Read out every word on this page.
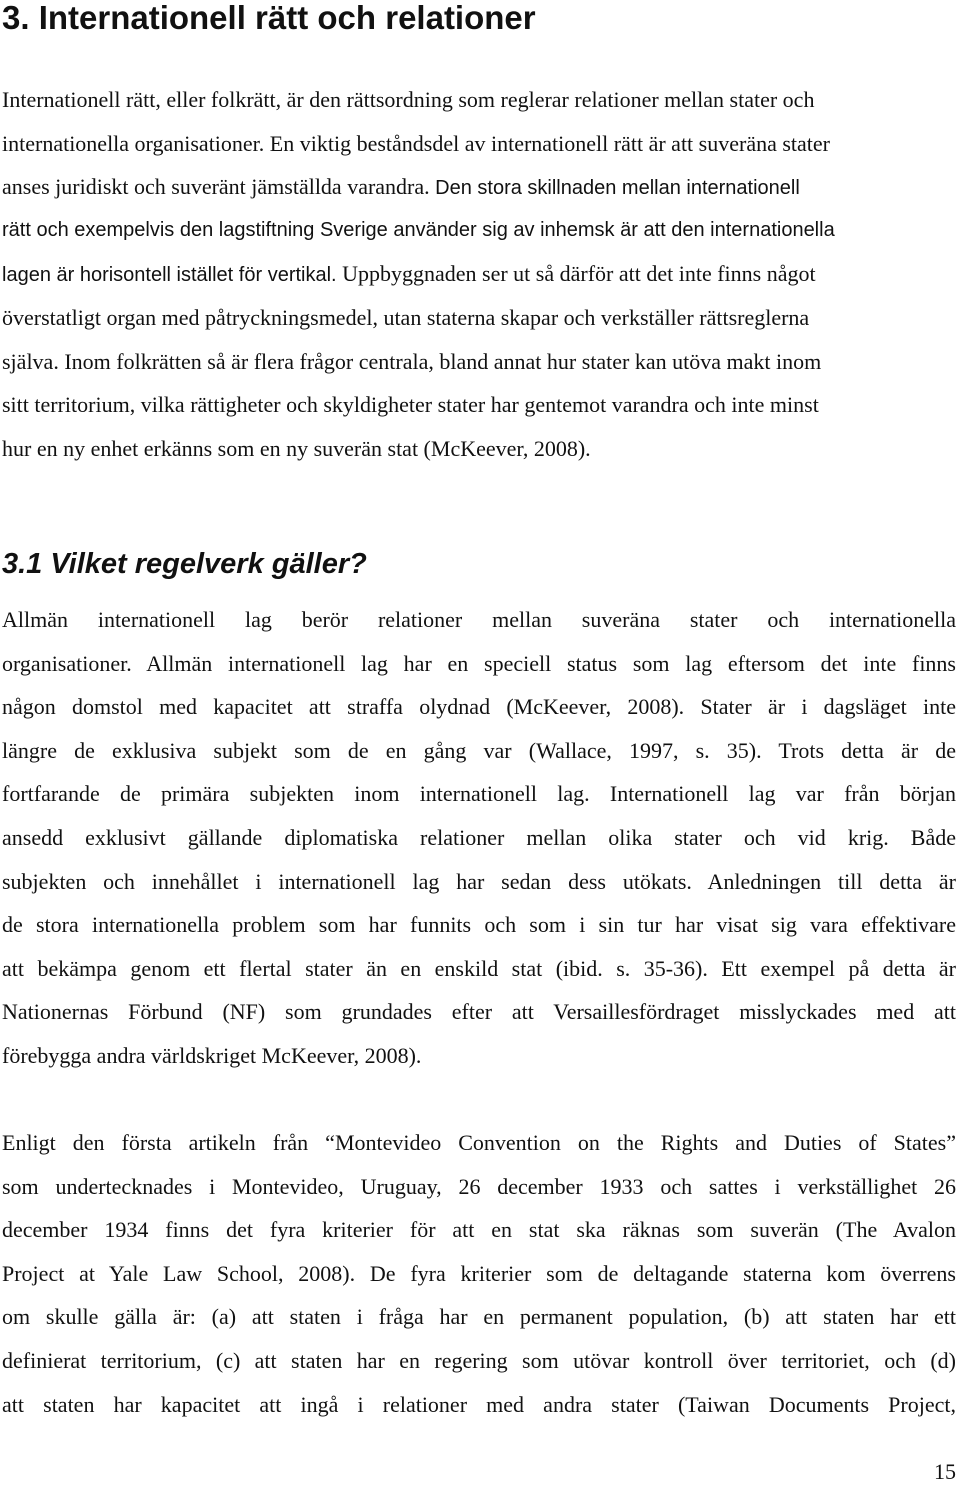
3. Internationell rätt och relationer
Internationell rätt, eller folkrätt, är den rättsordning som reglerar relationer mellan stater och
internationella organisationer. En viktig beståndsdel av internationell rätt är att suveräna stater
anses juridiskt och suveränt jämställda varandra. Den stora skillnaden mellan internationell
rätt och exempelvis den lagstiftning Sverige använder sig av inhemsk är att den internationella
lagen är horisontell istället för vertikal. Uppbyggnaden ser ut så därför att det inte finns något
överstatligt organ med påtryckningsmedel, utan staterna skapar och verkställer rättsreglerna
själva. Inom folkrätten så är flera frågor centrala, bland annat hur stater kan utöva makt inom
sitt territorium, vilka rättigheter och skyldigheter stater har gentemot varandra och inte minst
hur en ny enhet erkänns som en ny suverän stat (McKeever, 2008).
3.1 Vilket regelverk gäller?
Allmän internationell lag berör relationer mellan suveräna stater och internationella
organisationer. Allmän internationell lag har en speciell status som lag eftersom det inte finns
någon domstol med kapacitet att straffa olydnad (McKeever, 2008). Stater är i dagsläget inte
längre de exklusiva subjekt som de en gång var (Wallace, 1997, s. 35). Trots detta är de
fortfarande de primära subjekten inom internationell lag. Internationell lag var från början
ansedd exklusivt gällande diplomatiska relationer mellan olika stater och vid krig. Både
subjekten och innehållet i internationell lag har sedan dess utökats. Anledningen till detta är
de stora internationella problem som har funnits och som i sin tur har visat sig vara effektivare
att bekämpa genom ett flertal stater än en enskild stat (ibid. s. 35-36). Ett exempel på detta är
Nationernas Förbund (NF) som grundades efter att Versaillesfördraget misslyckades med att
förebygga andra världskriget McKeever, 2008).
Enligt den första artikeln från “Montevideo Convention on the Rights and Duties of States”
som undertecknades i Montevideo, Uruguay, 26 december 1933 och sattes i verkställighet 26
december 1934 finns det fyra kriterier för att en stat ska räknas som suverän (The Avalon
Project at Yale Law School, 2008). De fyra kriterier som de deltagande staterna kom överrens
om skulle gälla är: (a) att staten i fråga har en permanent population, (b) att staten har ett
definierat territorium, (c) att staten har en regering som utövar kontroll över territoriet, och (d)
att staten har kapacitet att ingå i relationer med andra stater (Taiwan Documents Project,
15
